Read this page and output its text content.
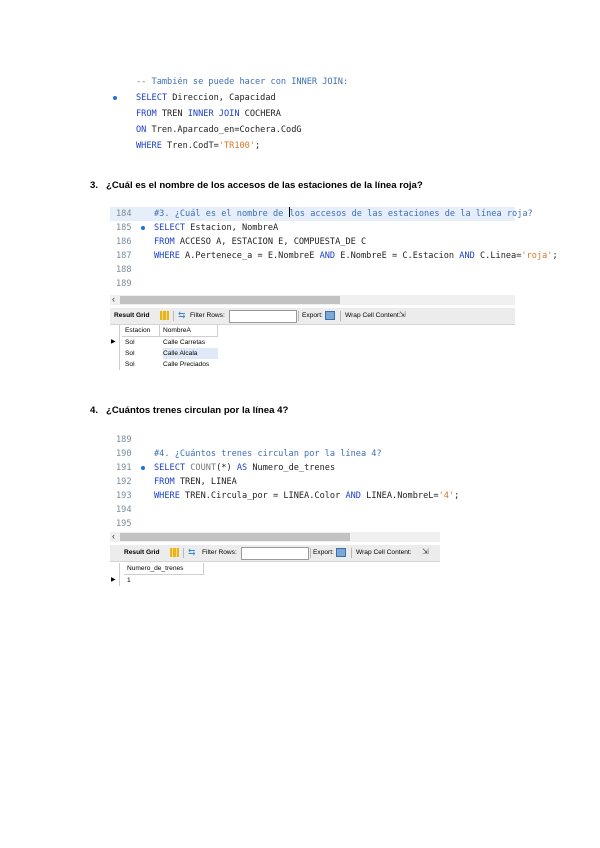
-- También se puede hacer con INNER JOIN:
SELECT Direccion, Capacidad
FROM TREN INNER JOIN COCHERA
ON Tren.Aparcado_en=Cochera.CodG
WHERE Tren.CodT='TR100';
3. ¿Cuál es el nombre de los accesos de las estaciones de la línea roja?
184	#3. ¿Cuál es el nombre de los accesos de las estaciones de la línea roja?
185	SELECT Estacion, NombreA
186	FROM ACCESO A, ESTACION E, COMPUESTA_DE C
187	WHERE A.Pertenece_a = E.NombreE AND E.NombreE = C.Estacion AND C.Linea='roja';
188
189
‹
Result Grid	⇆ Filter Rows:	Export:	Wrap Cell Content:
⇲
Estacion	NombreA
▶ Sol	Calle Carretas
Sol	Calle Alcala
Sol	Calle Preciados
4. ¿Cuántos trenes circulan por la línea 4?
189
190	#4. ¿Cuántos trenes circulan por la línea 4?
191	SELECT COUNT(*) AS Numero_de_trenes
192	FROM TREN, LINEA
193	WHERE TREN.Circula_por = LINEA.Color AND LINEA.NombreL='4';
194
195
‹
Result Grid	⇆ Filter Rows:	Export:	Wrap Cell Content: ⇲
Numero_de_trenes
▶ 1
